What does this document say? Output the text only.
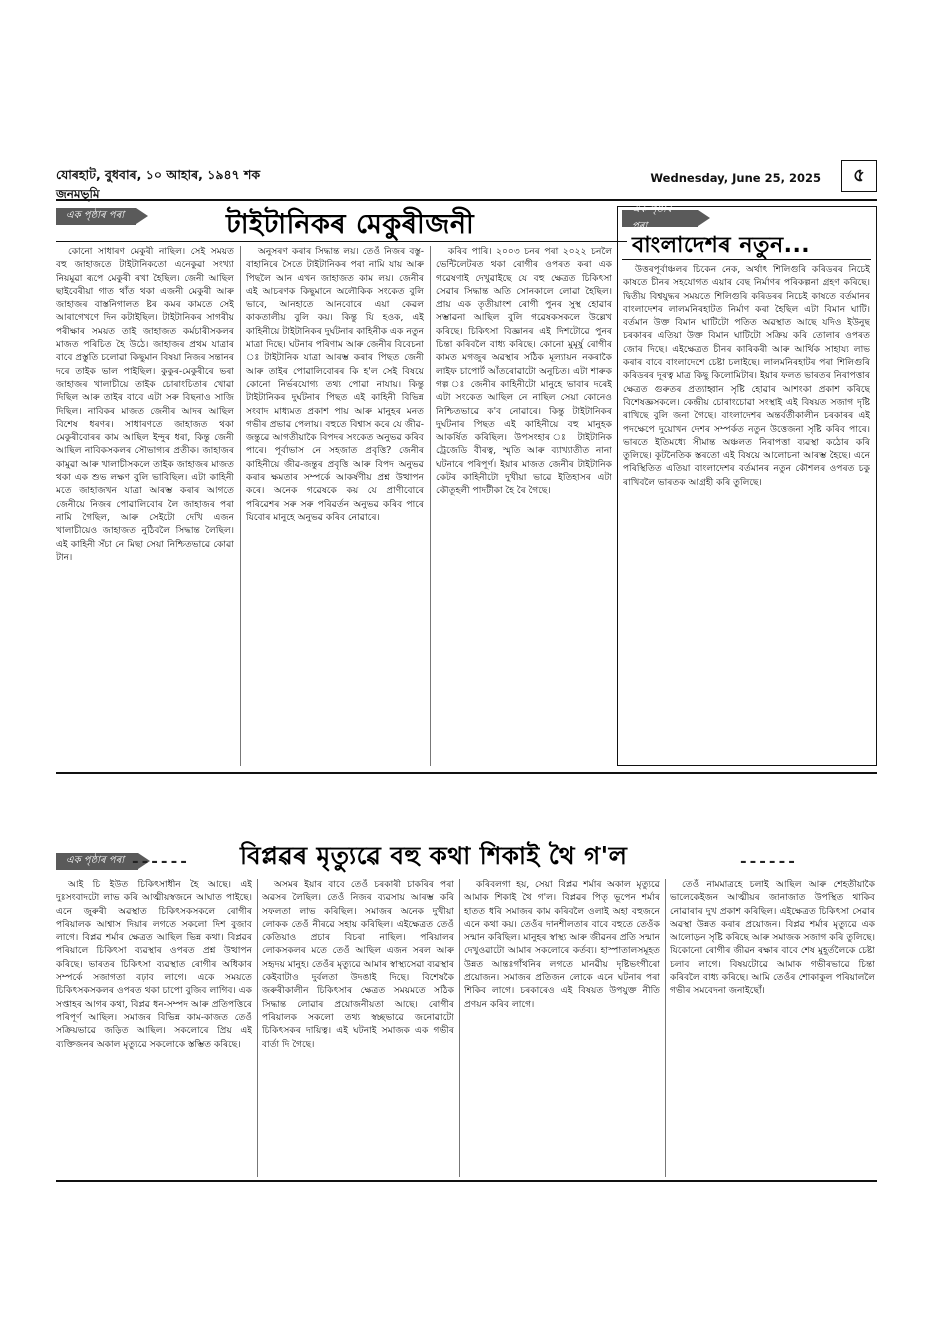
যোৰহাট, বুধবাৰ, ১০ আহাৰ, ১৯৪৭ শক
জনমভূমি
Wednesday, June 25, 2025	৫
এক পৃষ্ঠাৰ পৰা	টাইটানিকৰ মেকুৰীজনী

কোনো সাধাৰণ মেকুৰী নাছিল। সেই সময়ত বহু জাহাজতে টাইটানিকতো এনেকুৱা সংখ্যা নিয়মুৱা ৰূপে মেকুৰী ৰখা হৈছিল। জেনী আছিল ছাইবেৰীয়া গাত থাঁত থকা এজনী মেকুৰী আৰু জাহাজৰ বাস্তনিগালত ষ্টৰ কমৰ কামতে সেই আৰাগেখণে দিন কটাইছিল। টাইটানিকৰ সাগৰীয় পৰীক্ষাৰ সময়ত তাই জাহাজত কৰ্মচাৰীসকলৰ মাজত পৰিচিত হৈ উঠে। জাহাজৰ প্ৰথম যাত্ৰাৰ বাবে প্ৰস্তুতি চলোৱা কিছুমান বিষয়া নিজৰ সন্তানৰ দৰে তাইক ভাল পাইছিল। কুকুৰ-মেকুৰীৰে ভৰা জাহাজৰ খালাচীয়ে তাইক চোৰাংচিতাৰ খোৱা দিছিল আৰু তাইৰ বাবে এটা সৰু বিছনাও সাজি দিছিল। নাবিকৰ মাজত জেনীৰ আদৰ আছিল বিশেষ ধৰণৰ। সাধাৰণতে জাহাজত থকা মেকুৰীবোৰৰ কাম আছিল ইন্দুৰ ধৰা, কিন্তু জেনী আছিল নাবিকসকলৰ সৌভাগ্যৰ প্ৰতীক। জাহাজৰ কামুৱা আৰু খালাচীসকলে তাইক জাহাজৰ মাজত থকা এক শুভ লক্ষণ বুলি ভাবিছিল। এটা কাহিনী মতে জাহাজখন যাত্ৰা আৰম্ভ কৰাৰ আগতে জেনীয়ে নিজৰ পোৱালিবোৰ লৈ জাহাজৰ পৰা নামি গৈছিল, আৰু সেইটো দেখি এজন খালাচীয়েও জাহাজত নুঠিবলৈ সিদ্ধান্ত লৈছিল। এই কাহিনী সঁচা নে মিছা সেয়া নিশ্চিতভাৱে কোৱা টান।

অনুসৰণ কৰাৰ সিদ্ধান্ত লয়। তেওঁ নিজৰ বস্তু-বাহানিৰে সৈতে টাইটানিকৰ পৰা নামি যায় আৰু পিছলৈ আন এখন জাহাজত কাম লয়। জেনীৰ এই আচৰণক কিছুমানে অলৌকিক সংকেত বুলি ভাবে, আনহাতে আনবোৰে এয়া কেৱল কাকতালীয় বুলি কয়। কিন্তু যি হওক, এই কাহিনীয়ে টাইটানিকৰ দুৰ্ঘটনাৰ কাহিনীক এক নতুন মাত্ৰা দিছে। ঘটনাৰ পৰিণাম আৰু জেনীৰ বিবেচনা ঃ টাইটানিক যাত্ৰা আৰম্ভ কৰাৰ পিছত জেনী আৰু তাইৰ পোৱালিবোৰৰ কি হ'ল সেই বিষয়ে কোনো নিৰ্ভৰযোগ্য তথ্য পোৱা নাযায়। কিন্তু টাইটানিকৰ দুৰ্ঘটনাৰ পিছত এই কাহিনী বিভিন্ন সংবাদ মাধ্যমত প্ৰকাশ পায় আৰু মানুহৰ মনত গভীৰ প্ৰভাৱ পেলায়। বহুতে বিশ্বাস কৰে যে জীৱ-জন্তুৱে আগতীয়াকৈ বিপদৰ সংকেত অনুভৱ কৰিব পাৰে। পূৰ্বাভাস নে সহজাত প্ৰবৃত্তি? জেনীৰ কাহিনীয়ে জীৱ-জন্তুৰ প্ৰবৃত্তি আৰু বিপদ অনুভৱ কৰাৰ ক্ষমতাৰ সম্পৰ্কে আকৰ্ষণীয় প্ৰশ্ন উত্থাপন কৰে। অনেক গৱেষকে কয় যে প্ৰাণীবোৰে পৰিৱেশৰ সৰু সৰু পৰিৱৰ্তন অনুভৱ কৰিব পাৰে যিবোৰ মানুহে অনুভৱ কৰিব নোৱাৰে।

কৰিব পাৰি। ২০০৩ চনৰ পৰা ২০২২ চনলৈ ভেন্টিলেটৰত থকা ৰোগীৰ ওপৰত কৰা এক গৱেষণাই দেখুৱাইছে যে বহু ক্ষেত্ৰত চিকিৎসা সেৱাৰ সিদ্ধান্ত অতি সোনকালে লোৱা হৈছিল। প্ৰায় এক তৃতীয়াংশ ৰোগী পুনৰ সুস্থ হোৱাৰ সম্ভাৱনা আছিল বুলি গৱেষকসকলে উল্লেখ কৰিছে। চিকিৎসা বিজ্ঞানৰ এই দিশটোৱে পুনৰ চিন্তা কৰিবলৈ বাধ্য কৰিছে। কোনো মুমূৰ্ষু ৰোগীৰ কামত মগজুৰ অৱস্থাৰ সঠিক মূল্যায়ন নকৰাকৈ লাইফ চাপোৰ্ট আঁতৰোৱাটো অনুচিত। এটা শাৰুক গল্প ঃ জেনীৰ কাহিনীটো মানুহে ভাবাৰ দৰেই এটা সংকেত আছিল নে নাছিল সেয়া কোনেও নিশ্চিতভাৱে ক'ব নোৱাৰে। কিন্তু টাইটানিকৰ দুৰ্ঘটনাৰ পিছত এই কাহিনীয়ে বহু মানুহক আকৰ্ষিত কৰিছিল। উপসংহাৰ ঃ টাইটানিক ট্ৰেজেডি বীৰত্ব, স্মৃতি আৰু ব্যাখ্যাতীত নানা ঘটনাৰে পৰিপূৰ্ণ। ইয়াৰ মাজত জেনীৰ টাইটানিক কেটৰ কাহিনীটো দুখীয়া ভাৱে ইতিহাসৰ এটা কৌতূহলী পাদটীকা হৈ ৰৈ গৈছে।

এক পৃষ্ঠাৰ পৰা
বাংলাদেশৰ নতুন...

উত্তৰপূৰ্বাঞ্চলৰ চিকেন নেক, অৰ্থাৎ শিলিগুৰি কৰিডৰৰ নিচেই কাষতে চীনৰ সহযোগত এয়াৰ বেছ নিৰ্মাণৰ পৰিকল্পনা গ্ৰহণ কৰিছে। দ্বিতীয় বিশ্বযুদ্ধৰ সময়তে শিলিগুৰি কৰিডৰৰ নিচেই কাষতে বৰ্তমানৰ বাংলাদেশৰ লালমনিৰহাটত নিৰ্মাণ কৰা হৈছিল এটা বিমান ঘাটি। বৰ্তমান উক্ত বিমান ঘাটিটো পতিত অৱস্থাত আছে যদিও ইউনুছ চৰকাৰৰ এতিয়া উক্ত বিমান ঘাটিটো সক্ৰিয় কৰি তোলাৰ ওপৰত জোৰ দিছে। এইক্ষেত্ৰত চীনৰ কাৰিকৰী আৰু আৰ্থিক সাহায্য লাভ কৰাৰ বাবে বাংলাদেশে চেষ্টা চলাইছে। লালমনিৰহাটৰ পৰা শিলিগুৰি কৰিডৰৰ দূৰত্ব মাত্ৰ কিছু কিলোমিটাৰ। ইয়াৰ ফলত ভাৰতৰ নিৰাপত্তাৰ ক্ষেত্ৰত গুৰুতৰ প্ৰত্যাহ্বান সৃষ্টি হোৱাৰ আশংকা প্ৰকাশ কৰিছে বিশেষজ্ঞসকলে। কেন্দ্ৰীয় চোৰাংচোৱা সংস্থাই এই বিষয়ত সজাগ দৃষ্টি ৰাখিছে বুলি জনা গৈছে। বাংলাদেশৰ অন্তৰ্বৰ্তীকালীন চৰকাৰৰ এই পদক্ষেপে দুয়োখন দেশৰ সম্পৰ্কত নতুন উত্তেজনা সৃষ্টি কৰিব পাৰে। ভাৰতে ইতিমধ্যে সীমান্ত অঞ্চলত নিৰাপত্তা ব্যৱস্থা কঠোৰ কৰি তুলিছে। কূটনৈতিক স্তৰতো এই বিষয়ে আলোচনা আৰম্ভ হৈছে। এনে পৰিস্থিতিত এতিয়া বাংলাদেশৰ বৰ্তমানৰ নতুন কৌশলৰ ওপৰত চকু ৰাখিবলৈ ভাৰতক আগ্ৰহী কৰি তুলিছে।

এক পৃষ্ঠাৰ পৰা ------ বিপ্লৱৰ মৃত্যুৱে বহু কথা শিকাই থৈ গ'ল	------

আই চি ইউত চিকিৎসাধীন হৈ আছে। এই দুঃসংবাদটো লাভ কৰি আত্মীয়স্বজনে আঘাত পাইছে। এনে জুৰুৰী অৱস্থাত চিকিৎসকসকলে ৰোগীৰ পৰিয়ালক আশ্বাস দিয়াৰ লগতে সকলো দিশ বুজাব লাগে। বিপ্লৱ শৰ্মাৰ ক্ষেত্ৰত আছিল ভিন্ন কথা। বিপ্লৱৰ পৰিয়ালে চিকিৎসা ব্যৱস্থাৰ ওপৰত প্ৰশ্ন উত্থাপন কৰিছে। ভাৰতৰ চিকিৎসা ব্যৱস্থাত ৰোগীৰ অধিকাৰ সম্পৰ্কে সজাগতা বঢ়াব লাগে। একে সময়তে চিকিৎসকসকলৰ ওপৰত থকা চাপো বুজিব লাগিব। এক সপ্তাহৰ আগৰ কথা, বিপ্লৱ ধন-সম্পদ আৰু প্ৰতিপত্তিৰে পৰিপূৰ্ণ আছিল। সমাজৰ বিভিন্ন কাম-কাজত তেওঁ সক্ৰিয়ভাৱে জড়িত আছিল। সকলোৰে প্ৰিয় এই ব্যক্তিজনৰ অকাল মৃত্যুৱে সকলোকে স্তম্ভিত কৰিছে।

অসমৰ ইয়াৰ বাবে তেওঁ চৰকাৰী চাকৰিৰ পৰা অৱসৰ লৈছিল। তেওঁ নিজৰ ব্যৱসায় আৰম্ভ কৰি সফলতা লাভ কৰিছিল। সমাজৰ অনেক দুখীয়া লোকক তেওঁ নীৰৱে সহায় কৰিছিল। এইক্ষেত্ৰত তেওঁ কেতিয়াও প্ৰচাৰ বিচৰা নাছিল। পৰিয়ালৰ লোকসকলৰ মতে তেওঁ আছিল এজন সৰল আৰু সহৃদয় মানুহ। তেওঁৰ মৃত্যুৱে আমাৰ স্বাস্থ্যসেৱা ব্যৱস্থাৰ কেইবাটাও দুৰ্বলতা উদঙাই দিছে। বিশেষকৈ জৰুৰীকালীন চিকিৎসাৰ ক্ষেত্ৰত সময়মতে সঠিক সিদ্ধান্ত লোৱাৰ প্ৰয়োজনীয়তা আছে। ৰোগীৰ পৰিয়ালক সকলো তথ্য স্বচ্ছভাৱে জনোৱাটো চিকিৎসকৰ দায়িত্ব। এই ঘটনাই সমাজক এক গভীৰ বাৰ্তা দি গৈছে।

কৰিবলগা হয়, সেয়া বিপ্লৱ শৰ্মাৰ অকাল মৃত্যুৱে আমাক শিকাই থৈ গ'ল। বিপ্লৱৰ পিতৃ ভূপেন শৰ্মাৰ হাতত ধৰি সমাজৰ কাম কৰিবলৈ ওলাই অহা বহুজনে এনে কথা কয়। তেওঁৰ দানশীলতাৰ বাবে বহুতে তেওঁক সন্মান কৰিছিল। মানুহৰ স্বাস্থ্য আৰু জীৱনৰ প্ৰতি সন্মান দেখুওৱাটো আমাৰ সকলোৰে কৰ্তব্য। হাস্পাতালসমূহত উন্নত আন্তঃগাঁথনিৰ লগতে মানৱীয় দৃষ্টিভংগীৰো প্ৰয়োজন। সমাজৰ প্ৰতিজন লোকে এনে ঘটনাৰ পৰা শিকিব লাগে। চৰকাৰেও এই বিষয়ত উপযুক্ত নীতি প্ৰণয়ন কৰিব লাগে।

তেওঁ নামমাত্ৰহে চলাই আছিল আৰু শেহতীয়াকৈ ভালেকেইজন আত্মীয়ৰ জানাজাত উপস্থিত থাকিব নোৱাৰাৰ দুখ প্ৰকাশ কৰিছিল। এইক্ষেত্ৰত চিকিৎসা সেৱাৰ অৱস্থা উন্নত কৰাৰ প্ৰয়োজন। বিপ্লৱ শৰ্মাৰ মৃত্যুৱে এক আলোড়ন সৃষ্টি কৰিছে আৰু সমাজক সজাগ কৰি তুলিছে। যিকোনো ৰোগীৰ জীৱন ৰক্ষাৰ বাবে শেষ মুহূৰ্তলৈকে চেষ্টা চলাব লাগে। বিষয়টোৱে আমাক গভীৰভাৱে চিন্তা কৰিবলৈ বাধ্য কৰিছে। আমি তেওঁৰ শোকাকুল পৰিয়াললৈ গভীৰ সমবেদনা জনাইছোঁ।
